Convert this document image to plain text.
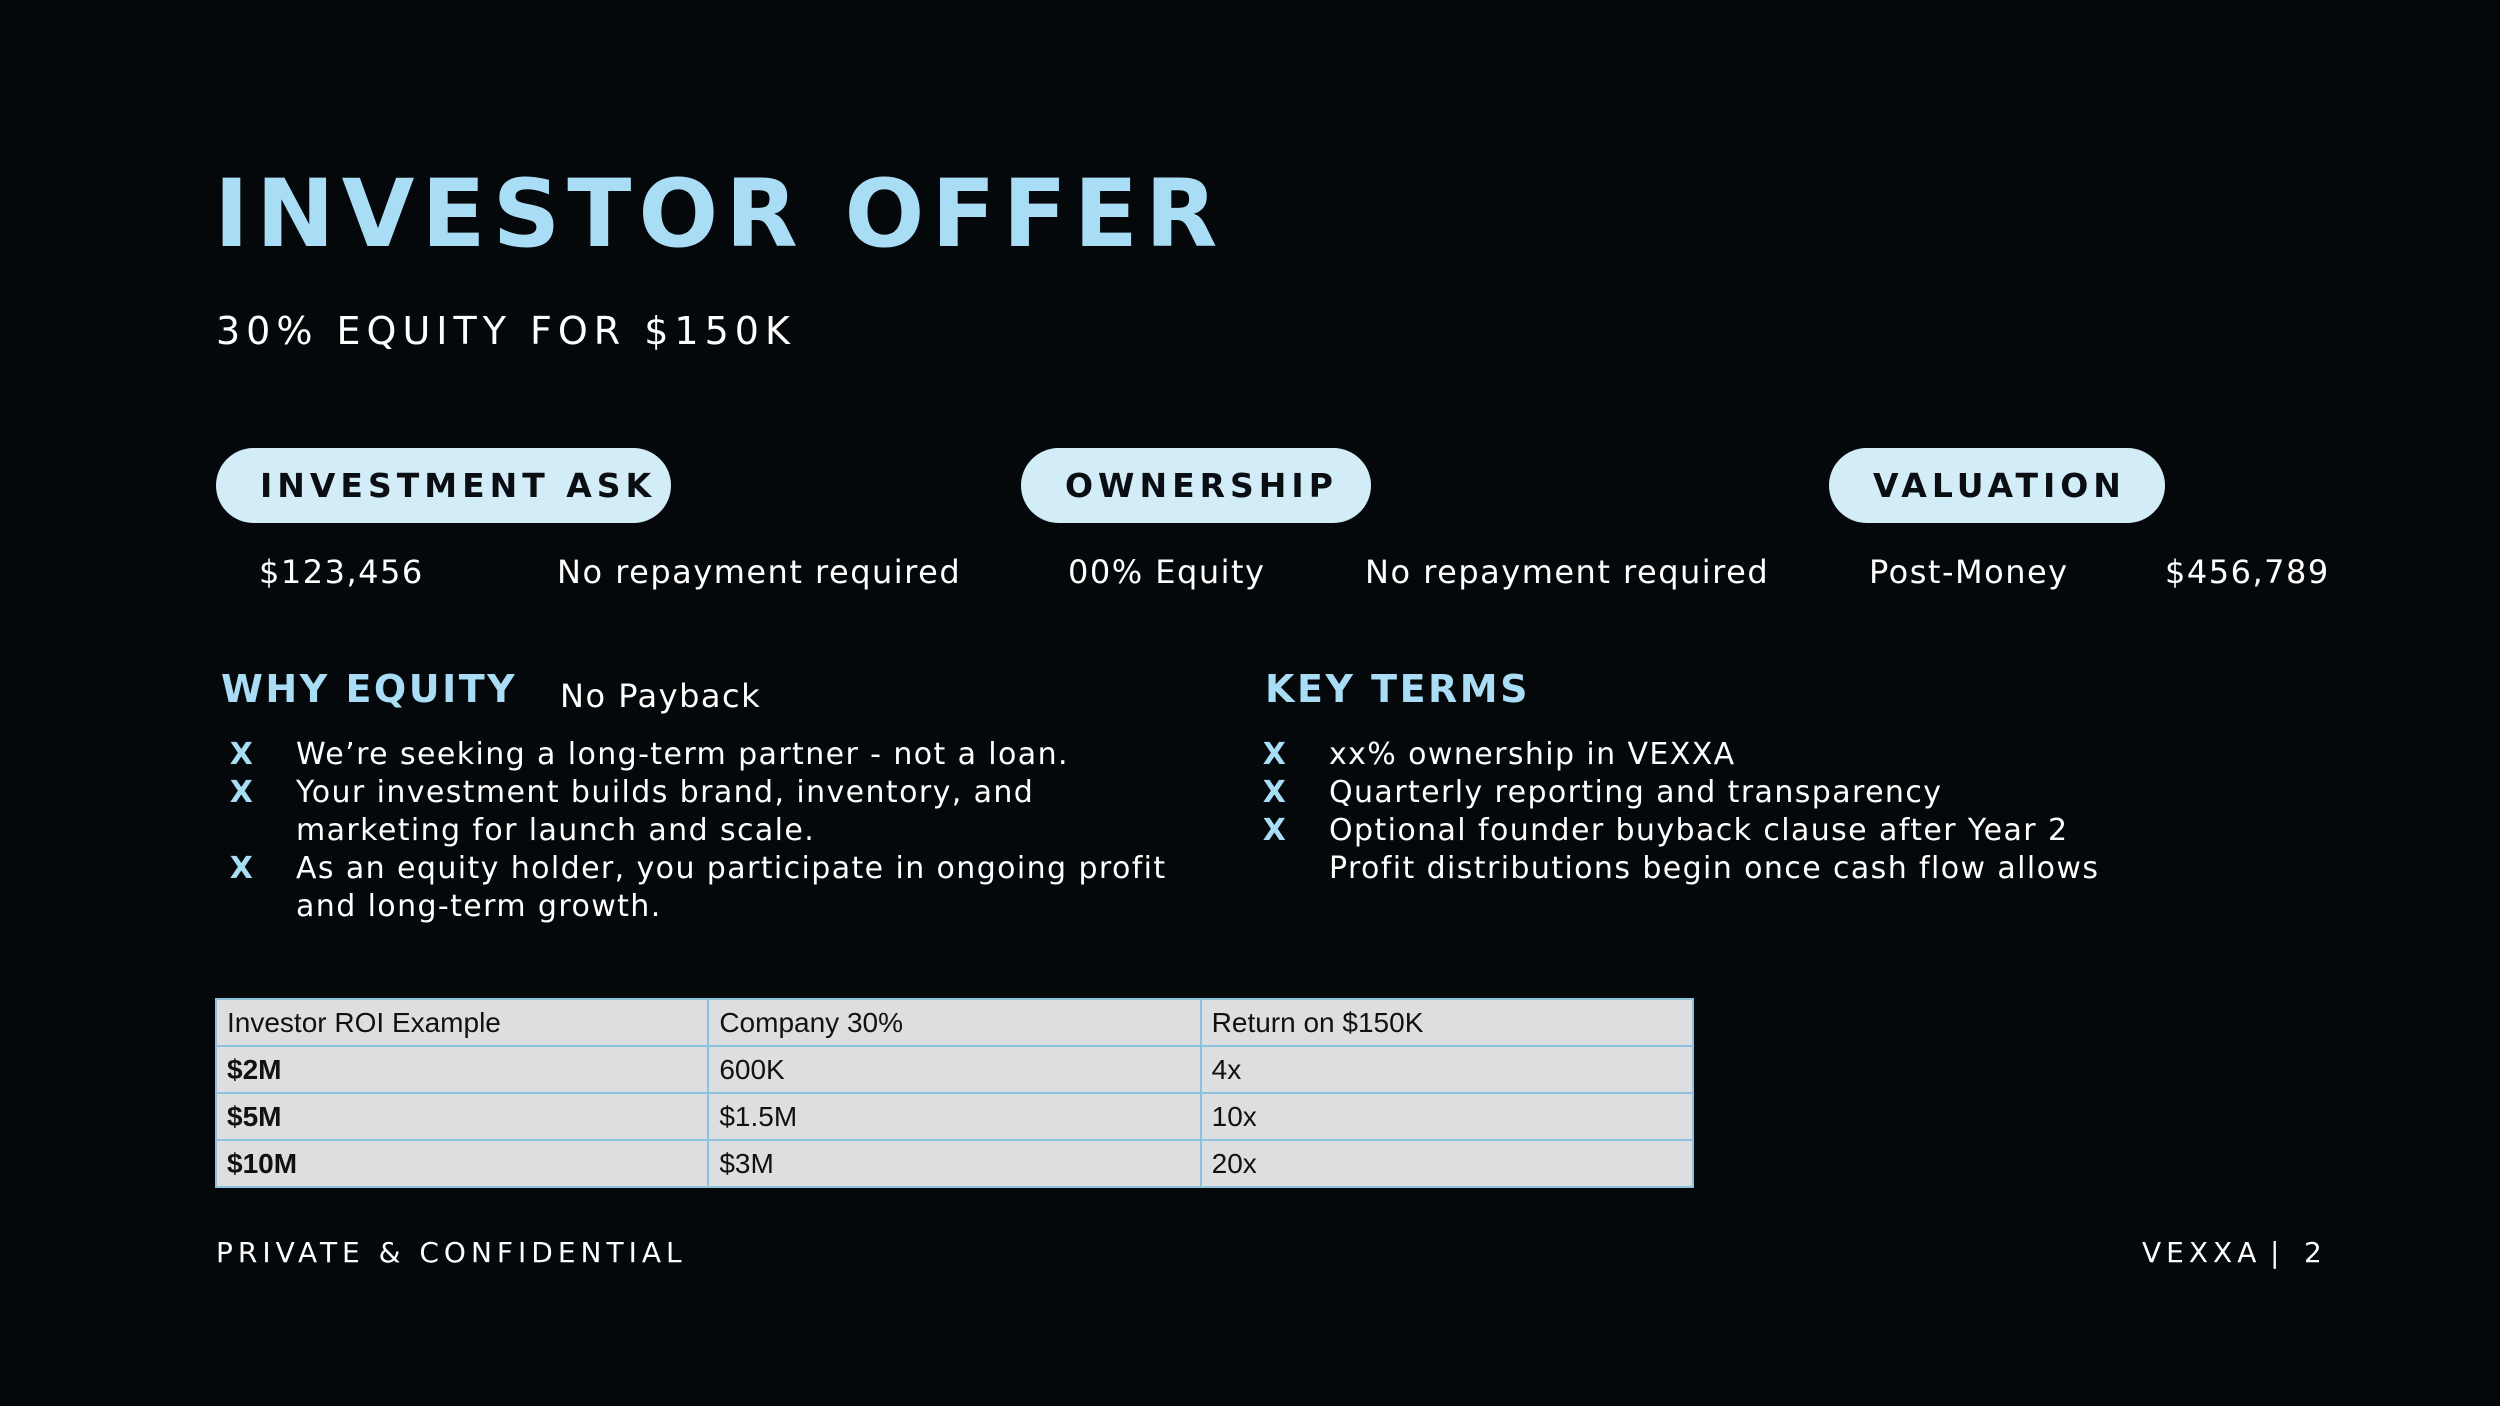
INVESTOR OFFER
30% EQUITY FOR $150K
INVESTMENT ASK	OWNERSHIP	VALUATION
$123,456	No repayment required	00% Equity	No repayment required	Post-Money	$456,789
WHY EQUITY No Payback
X We’re seeking a long-term partner - not a loan.
X Your investment builds brand, inventory, and
marketing for launch and scale.
X As an equity holder, you participate in ongoing profit
and long-term growth.
KEY TERMS
X xx% ownership in VEXXA
X Quarterly reporting and transparency
X Optional founder buyback clause after Year 2
Profit distributions begin once cash flow allows
Investor ROI Example	Company 30%	Return on $150K
$2M	600K	4x
$5M	$1.5M	10x
$10M	$3M	20x
PRIVATE & CONFIDENTIAL	VEXXA | 2
